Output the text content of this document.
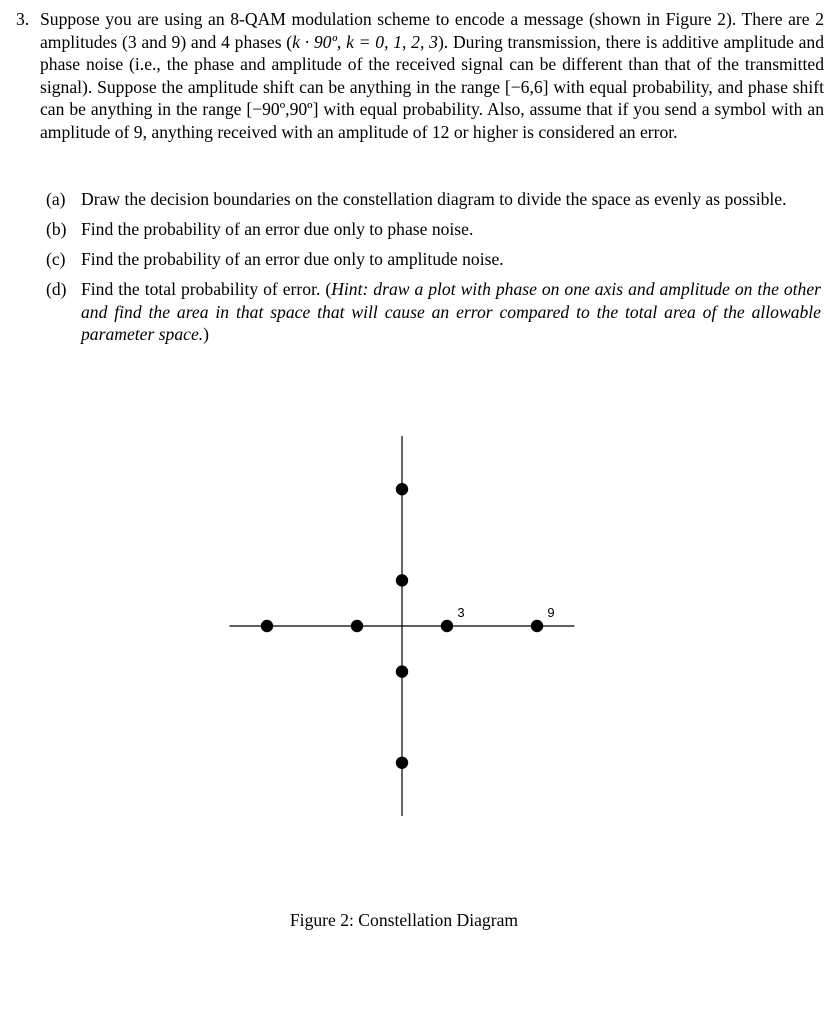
3. Suppose you are using an 8-QAM modulation scheme to encode a message (shown in Figure 2). There are 2 amplitudes (3 and 9) and 4 phases (k · 90º, k = 0, 1, 2, 3). During transmission, there is additive amplitude and phase noise (i.e., the phase and amplitude of the received signal can be different than that of the transmitted signal). Suppose the amplitude shift can be anything in the range [−6,6] with equal probability, and phase shift can be anything in the range [−90º,90º] with equal probability. Also, assume that if you send a symbol with an amplitude of 9, anything received with an amplitude of 12 or higher is considered an error.
(a) Draw the decision boundaries on the constellation diagram to divide the space as evenly as possible.
(b) Find the probability of an error due only to phase noise.
(c) Find the probability of an error due only to amplitude noise.
(d) Find the total probability of error. (Hint: draw a plot with phase on one axis and amplitude on the other and find the area in that space that will cause an error compared to the total area of the allowable parameter space.)
3	9
Figure 2: Constellation Diagram
